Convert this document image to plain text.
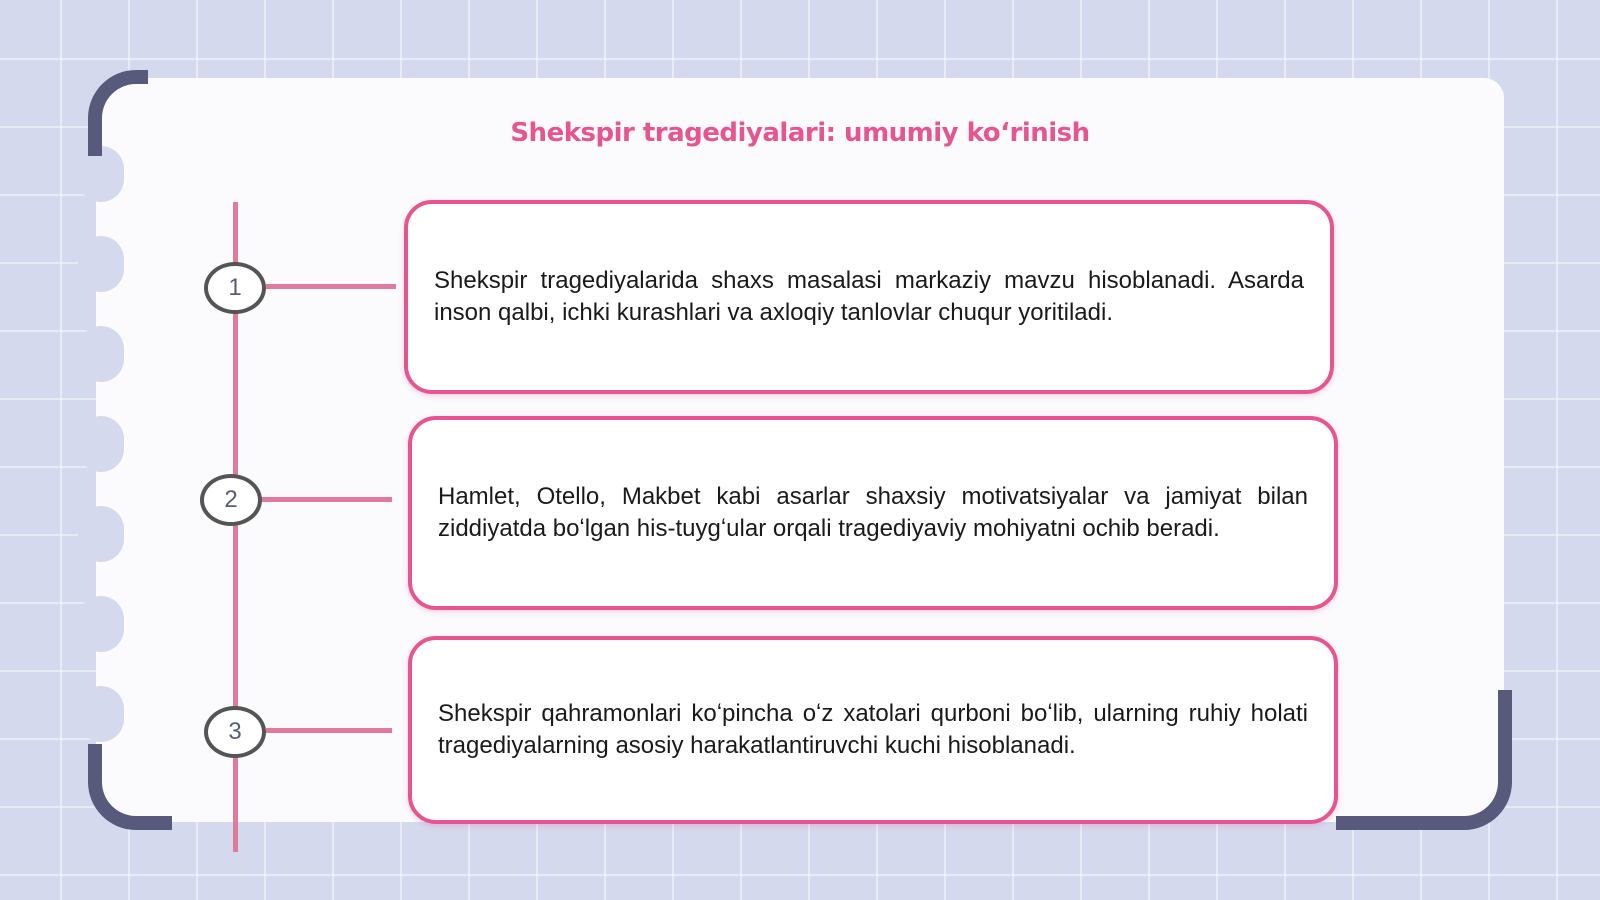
Shekspir tragediyalari: umumiy koʻrinish
1	Shekspir tragediyalarida shaxs masalasi markaziy mavzu hisoblanadi. Asarda inson qalbi, ichki kurashlari va axloqiy tanlovlar chuqur yoritiladi.
2	Hamlet, Otello, Makbet kabi asarlar shaxsiy motivatsiyalar va jamiyat bilan ziddiyatda boʻlgan his-tuygʻular orqali tragediyaviy mohiyatni ochib beradi.
3
Shekspir qahramonlari koʻpincha oʻz xatolari qurboni boʻlib, ularning ruhiy holati tragediyalarning asosiy harakatlantiruvchi kuchi hisoblanadi.
